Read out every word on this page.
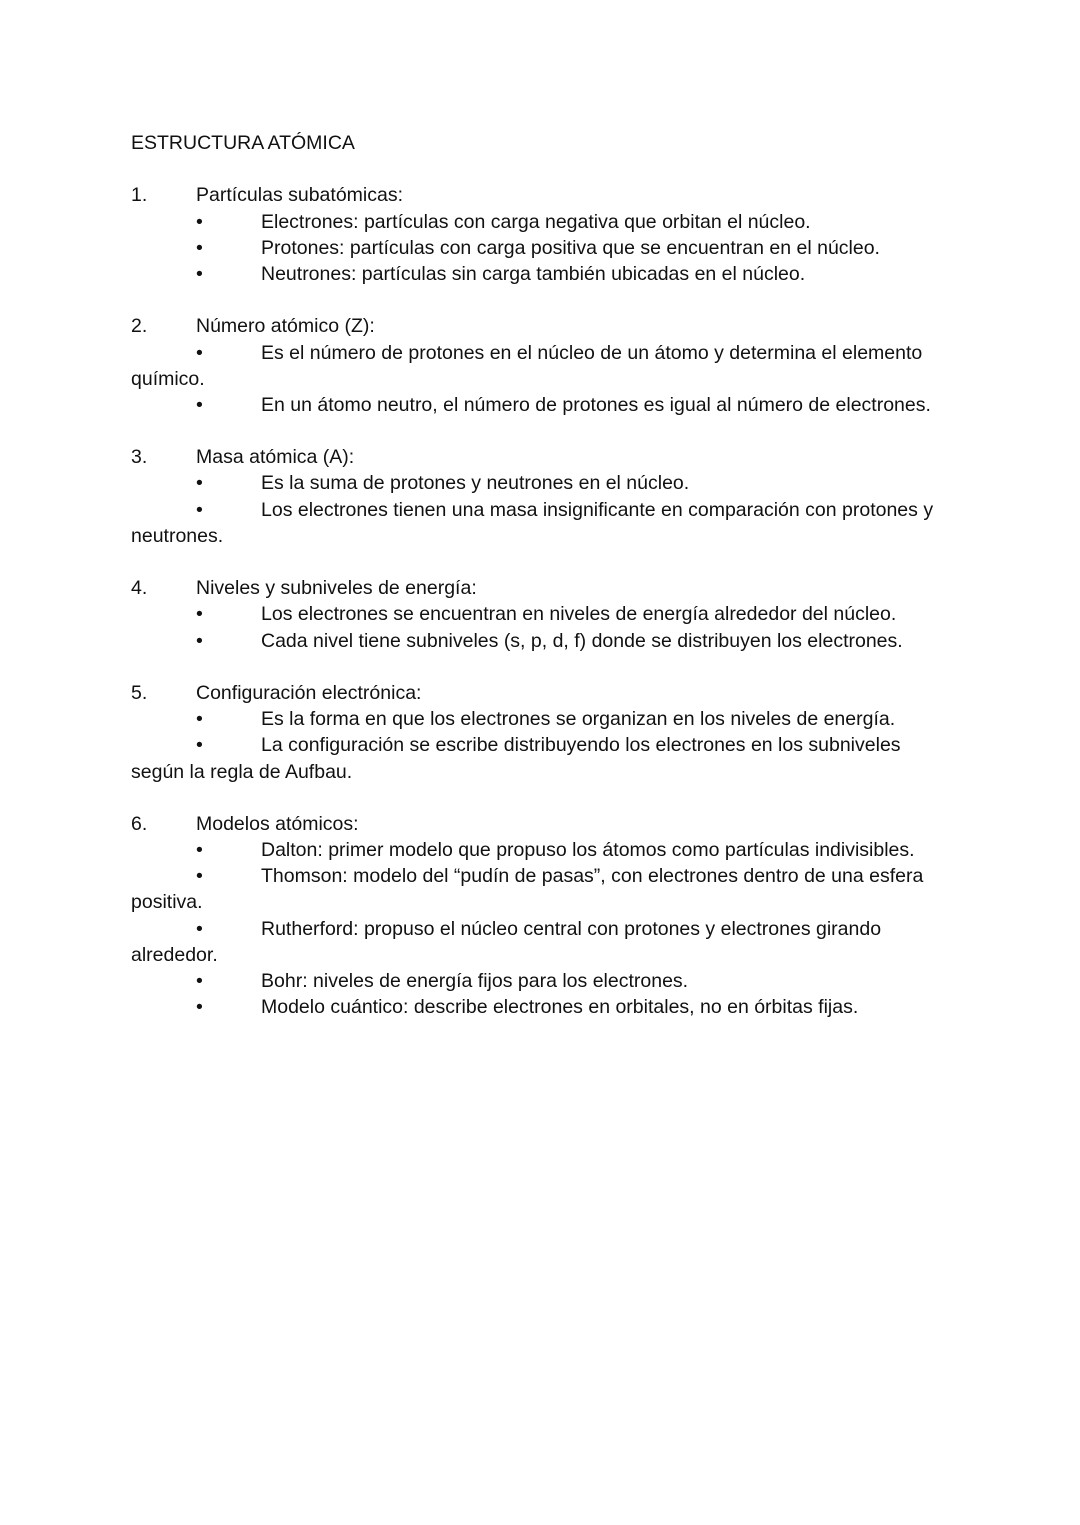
ESTRUCTURA ATÓMICA
1. Partículas subatómicas:
•	Electrones: partículas con carga negativa que orbitan el núcleo.
•	Protones: partículas con carga positiva que se encuentran en el núcleo.
•	Neutrones: partículas sin carga también ubicadas en el núcleo.
2. Número atómico (Z):
•	Es el número de protones en el núcleo de un átomo y determina el elemento
químico.
•	En un átomo neutro, el número de protones es igual al número de electrones.
3. Masa atómica (A):
•	Es la suma de protones y neutrones en el núcleo.
•	Los electrones tienen una masa insignificante en comparación con protones y
neutrones.
4. Niveles y subniveles de energía:
•	Los electrones se encuentran en niveles de energía alrededor del núcleo.
•	Cada nivel tiene subniveles (s, p, d, f) donde se distribuyen los electrones.
5. Configuración electrónica:
•	Es la forma en que los electrones se organizan en los niveles de energía.
•	La configuración se escribe distribuyendo los electrones en los subniveles
según la regla de Aufbau.
6. Modelos atómicos:
•	Dalton: primer modelo que propuso los átomos como partículas indivisibles.
•	Thomson: modelo del “pudín de pasas”, con electrones dentro de una esfera
positiva.
•	Rutherford: propuso el núcleo central con protones y electrones girando
alrededor.
•	Bohr: niveles de energía fijos para los electrones.
•	Modelo cuántico: describe electrones en orbitales, no en órbitas fijas.
